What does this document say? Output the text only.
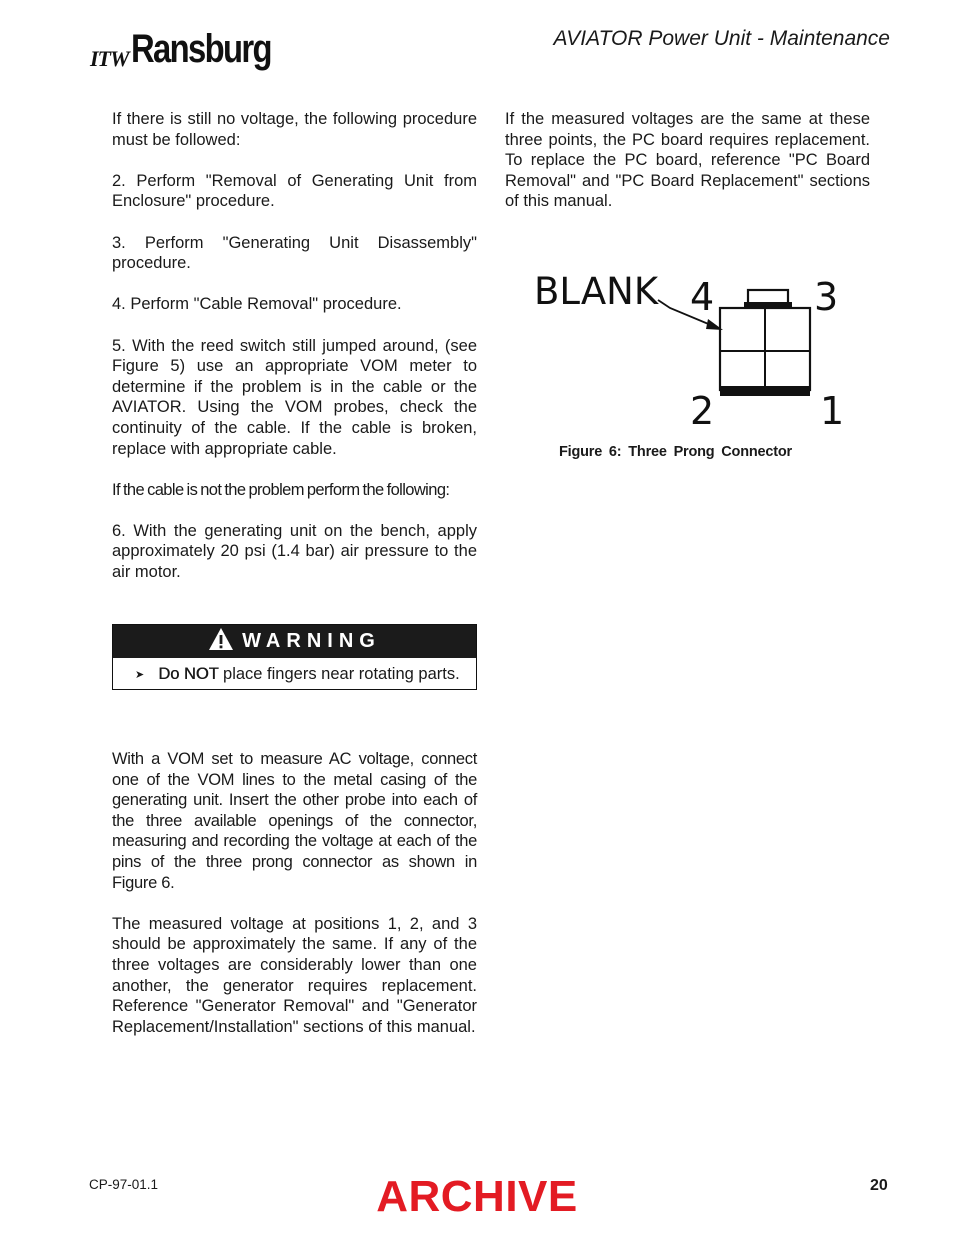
ITW Ransburg	AVIATOR Power Unit - Maintenance

If there is still no voltage, the following procedure must be followed:

2. Perform "Removal of Generating Unit from Enclosure" procedure.

3. Perform "Generating Unit Disassembly" procedure.

4. Perform "Cable Removal" procedure.

5. With the reed switch still jumped around, (see Figure 5) use an appropriate VOM meter to determine if the problem is in the cable or the AVIATOR. Using the VOM probes, check the continuity of the cable. If the cable is broken, replace with appropriate cable.

If the cable is not the problem perform the following:

6. With the generating unit on the bench, apply approximately 20 psi (1.4 bar) air pressure to the air motor.

WARNING
➤ Do NOT place fingers near rotating parts.

With a VOM set to measure AC voltage, connect one of the VOM lines to the metal casing of the generating unit. Insert the other probe into each of the three available openings of the connector, measuring and recording the voltage at each of the pins of the three prong connector as shown in Figure 6.

The measured voltage at positions 1, 2, and 3 should be approximately the same. If any of the three voltages are considerably lower than one another, the generator requires replacement. Reference "Generator Removal" and "Generator Replacement/Installation" sections of this manual.

If the measured voltages are the same at these three points, the PC board requires replacement. To replace the PC board, reference "PC Board Removal" and "PC Board Replacement" sections of this manual.

BLANK 4	3
2	1
Figure 6: Three Prong Connector
CP-97-01.1	ARCHIVE	20
